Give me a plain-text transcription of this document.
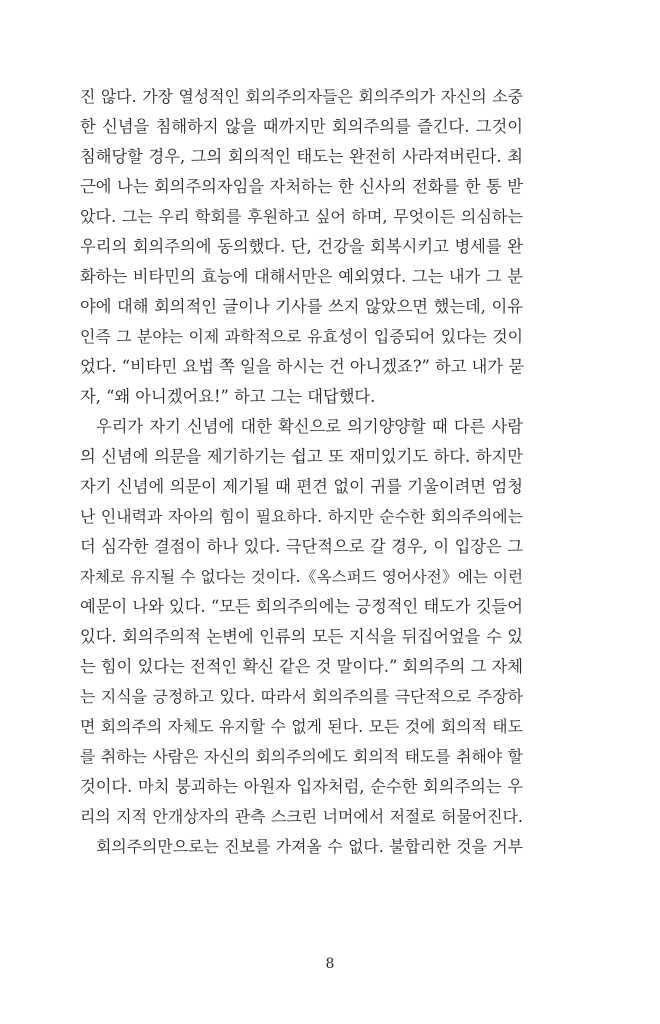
진 않다. 가장 열성적인 회의주의자들은 회의주의가 자신의 소중
한 신념을 침해하지 않을 때까지만 회의주의를 즐긴다. 그것이
침해당할 경우, 그의 회의적인 태도는 완전히 사라져버린다. 최
근에 나는 회의주의자임을 자처하는 한 신사의 전화를 한 통 받
았다. 그는 우리 학회를 후원하고 싶어 하며, 무엇이든 의심하는
우리의 회의주의에 동의했다. 단, 건강을 회복시키고 병세를 완
화하는 비타민의 효능에 대해서만은 예외였다. 그는 내가 그 분
야에 대해 회의적인 글이나 기사를 쓰지 않았으면 했는데, 이유
인즉 그 분야는 이제 과학적으로 유효성이 입증되어 있다는 것이
었다. “비타민 요법 쪽 일을 하시는 건 아니겠죠?” 하고 내가 묻
자, “왜 아니겠어요!” 하고 그는 대답했다.
우리가 자기 신념에 대한 확신으로 의기양양할 때 다른 사람
의 신념에 의문을 제기하기는 쉽고 또 재미있기도 하다. 하지만
자기 신념에 의문이 제기될 때 편견 없이 귀를 기울이려면 엄청
난 인내력과 자아의 힘이 필요하다. 하지만 순수한 회의주의에는
더 심각한 결점이 하나 있다. 극단적으로 갈 경우, 이 입장은 그
자체로 유지될 수 없다는 것이다.《옥스퍼드 영어사전》에는 이런
예문이 나와 있다. “모든 회의주의에는 긍정적인 태도가 깃들어
있다. 회의주의적 논변에 인류의 모든 지식을 뒤집어엎을 수 있
는 힘이 있다는 전적인 확신 같은 것 말이다.” 회의주의 그 자체
는 지식을 긍정하고 있다. 따라서 회의주의를 극단적으로 주장하
면 회의주의 자체도 유지할 수 없게 된다. 모든 것에 회의적 태도
를 취하는 사람은 자신의 회의주의에도 회의적 태도를 취해야 할
것이다. 마치 붕괴하는 아원자 입자처럼, 순수한 회의주의는 우
리의 지적 안개상자의 관측 스크린 너머에서 저절로 허물어진다.
회의주의만으로는 진보를 가져올 수 없다. 불합리한 것을 거부
8
